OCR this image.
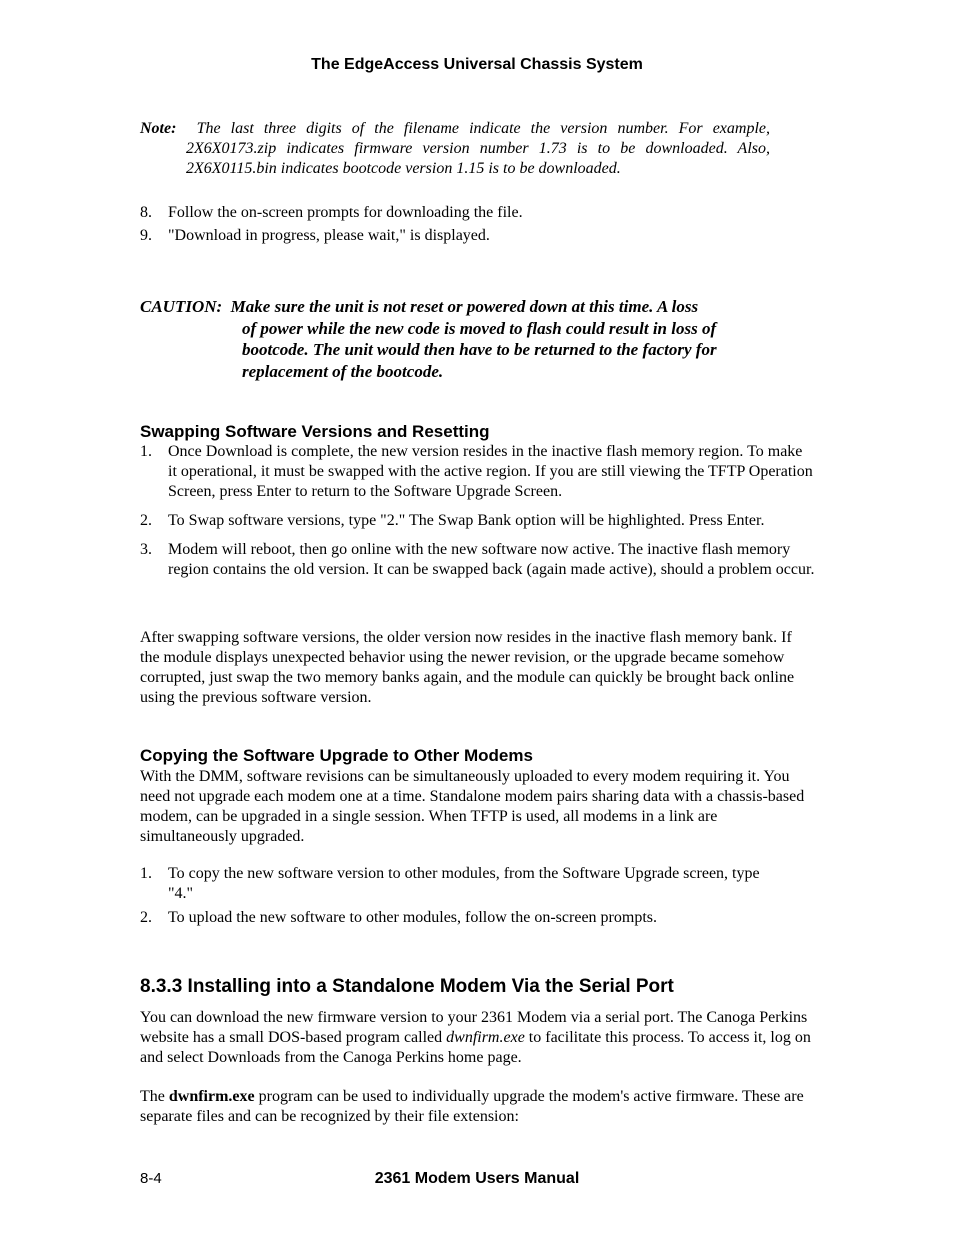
The EdgeAccess Universal Chassis System
Note: The last three digits of the filename indicate the version number. For example,
2X6X0173.zip indicates firmware version number 1.73 is to be downloaded. Also,
2X6X0115.bin indicates bootcode version 1.15 is to be downloaded.
8. Follow the on-screen prompts for downloading the file.
9. "Download in progress, please wait," is displayed.
CAUTION: Make sure the unit is not reset or powered down at this time. A loss
of power while the new code is moved to flash could result in loss of
bootcode. The unit would then have to be returned to the factory for
replacement of the bootcode.
Swapping Software Versions and Resetting
1. Once Download is complete, the new version resides in the inactive flash memory region. To make it operational, it must be swapped with the active region. If you are still viewing the TFTP Operation Screen, press Enter to return to the Software Upgrade Screen.
2. To Swap software versions, type "2." The Swap Bank option will be highlighted. Press Enter.
3. Modem will reboot, then go online with the new software now active. The inactive flash memory region contains the old version. It can be swapped back (again made active), should a problem occur.
After swapping software versions, the older version now resides in the inactive flash memory bank. If the module displays unexpected behavior using the newer revision, or the upgrade became somehow corrupted, just swap the two memory banks again, and the module can quickly be brought back online using the previous software version.
Copying the Software Upgrade to Other Modems
With the DMM, software revisions can be simultaneously uploaded to every modem requiring it. You need not upgrade each modem one at a time. Standalone modem pairs sharing data with a chassis-based modem, can be upgraded in a single session. When TFTP is used, all modems in a link are simultaneously upgraded.
1. To copy the new software version to other modules, from the Software Upgrade screen, type "4."
2. To upload the new software to other modules, follow the on-screen prompts.
8.3.3 Installing into a Standalone Modem Via the Serial Port
You can download the new firmware version to your 2361 Modem via a serial port. The Canoga Perkins website has a small DOS-based program called dwnfirm.exe to facilitate this process. To access it, log on and select Downloads from the Canoga Perkins home page.
The dwnfirm.exe program can be used to individually upgrade the modem's active firmware. These are separate files and can be recognized by their file extension:
8-4	2361 Modem Users Manual
